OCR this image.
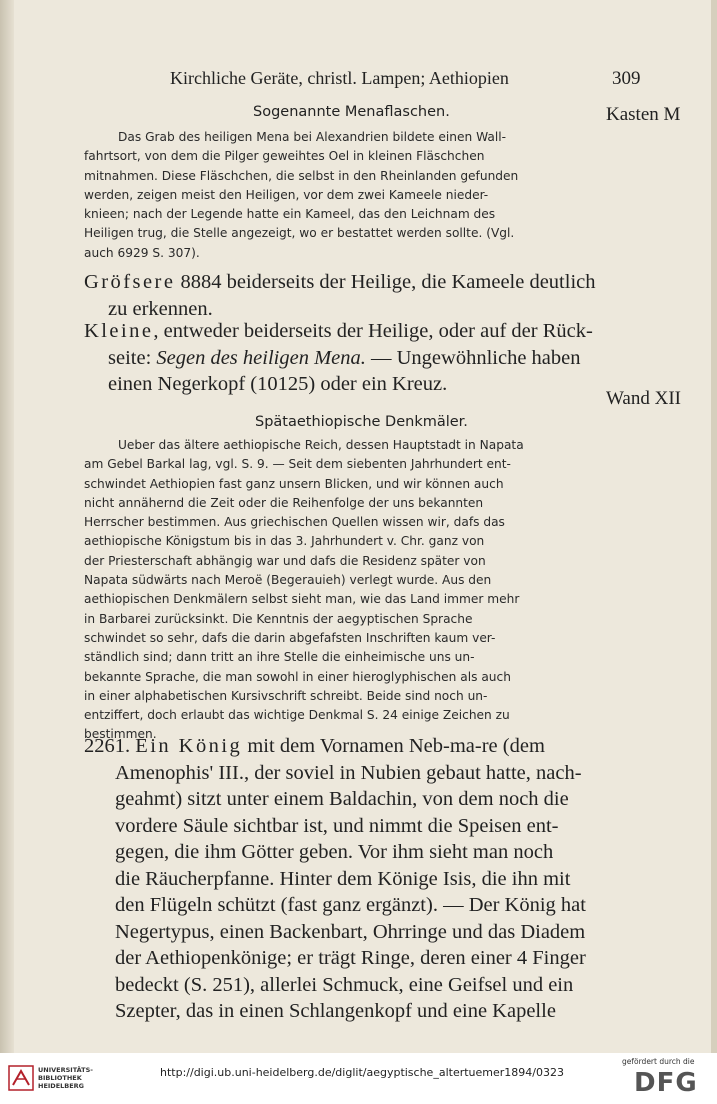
Kirchliche Geräte, christl. Lampen; Aethiopien	309
Sogenannte Menaflaschen.	Kasten M
Das Grab des heiligen Mena bei Alexandrien bildete einen Wall-
fahrtsort, von dem die Pilger geweihtes Oel in kleinen Fläschchen
mitnahmen. Diese Fläschchen, die selbst in den Rheinlanden gefunden
werden, zeigen meist den Heiligen, vor dem zwei Kameele nieder-
knieen; nach der Legende hatte ein Kameel, das den Leichnam des
Heiligen trug, die Stelle angezeigt, wo er bestattet werden sollte. (Vgl.
auch 6929 S. 307).
Gröfsere 8884 beiderseits der Heilige, die Kameele deutlich
zu erkennen.
Kleine, entweder beiderseits der Heilige, oder auf der Rück-
seite: Segen des heiligen Mena. — Ungewöhnliche haben
einen Negerkopf (10125) oder ein Kreuz.
Wand XII
Spätaethiopische Denkmäler.
Ueber das ältere aethiopische Reich, dessen Hauptstadt in Napata
am Gebel Barkal lag, vgl. S. 9. — Seit dem siebenten Jahrhundert ent-
schwindet Aethiopien fast ganz unsern Blicken, und wir können auch
nicht annähernd die Zeit oder die Reihenfolge der uns bekannten
Herrscher bestimmen. Aus griechischen Quellen wissen wir, dafs das
aethiopische Königstum bis in das 3. Jahrhundert v. Chr. ganz von
der Priesterschaft abhängig war und dafs die Residenz später von
Napata südwärts nach Meroë (Begerauieh) verlegt wurde. Aus den
aethiopischen Denkmälern selbst sieht man, wie das Land immer mehr
in Barbarei zurücksinkt. Die Kenntnis der aegyptischen Sprache
schwindet so sehr, dafs die darin abgefafsten Inschriften kaum ver-
ständlich sind; dann tritt an ihre Stelle die einheimische uns un-
bekannte Sprache, die man sowohl in einer hieroglyphischen als auch
in einer alphabetischen Kursivschrift schreibt. Beide sind noch un-
entziffert, doch erlaubt das wichtige Denkmal S. 24 einige Zeichen zu
bestimmen.
2261. Ein König mit dem Vornamen Neb-ma-re (dem
Amenophis' III., der soviel in Nubien gebaut hatte, nach-
geahmt) sitzt unter einem Baldachin, von dem noch die
vordere Säule sichtbar ist, und nimmt die Speisen ent-
gegen, die ihm Götter geben. Vor ihm sieht man noch
die Räucherpfanne. Hinter dem Könige Isis, die ihn mit
den Flügeln schützt (fast ganz ergänzt). — Der König hat
Negertypus, einen Backenbart, Ohrringe und das Diadem
der Aethiopenkönige; er trägt Ringe, deren einer 4 Finger
bedeckt (S. 251), allerlei Schmuck, eine Geifsel und ein
Szepter, das in einen Schlangenkopf und eine Kapelle
UNIVERSITÄTS-BIBLIOTHEK HEIDELBERG
http://digi.ub.uni-heidelberg.de/diglit/aegyptische_altertuemer1894/0323
gefördert durch die
DFG
